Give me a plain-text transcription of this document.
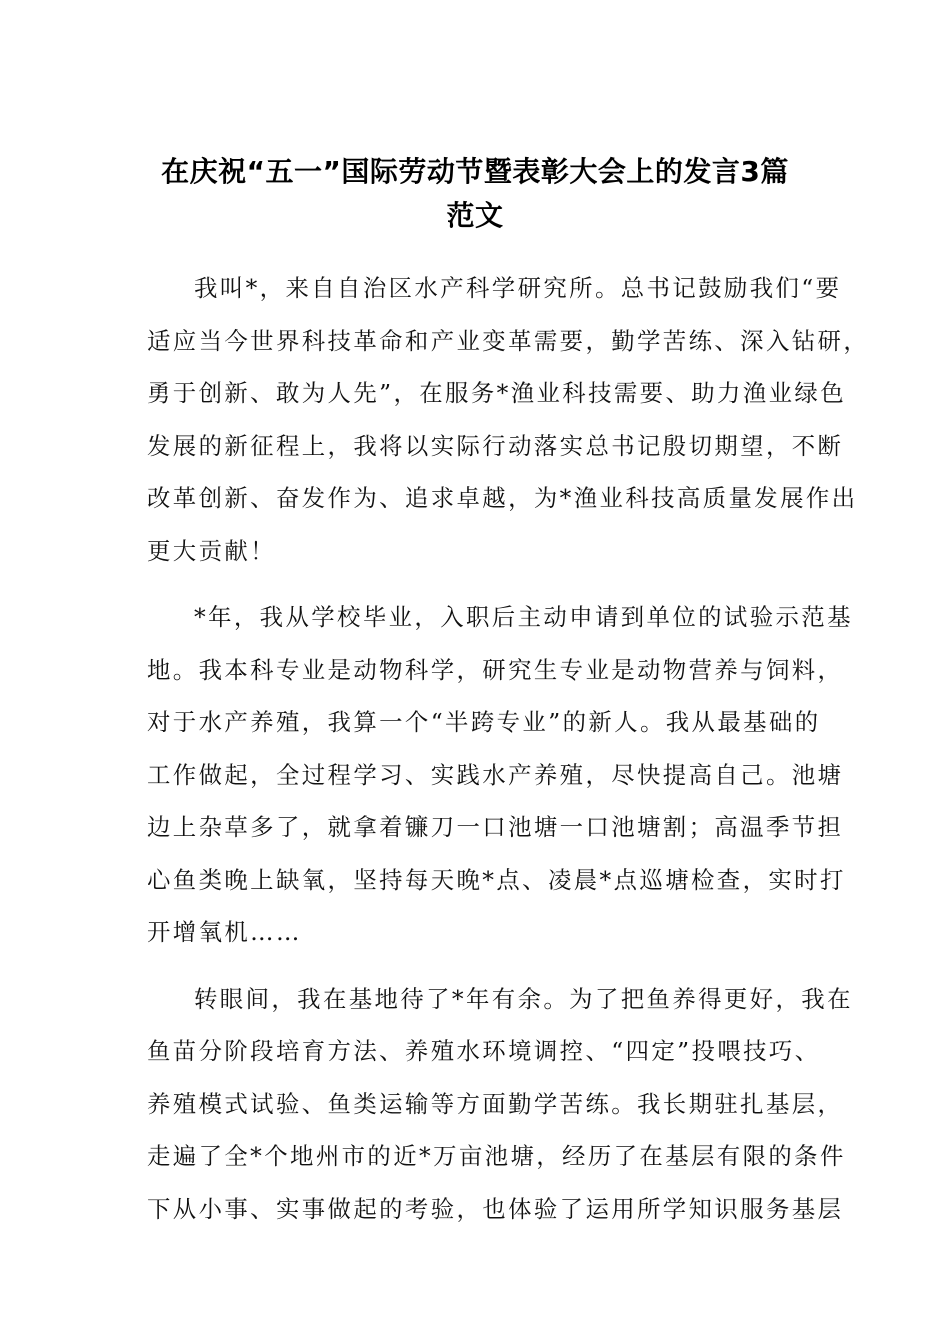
在庆祝“五一”国际劳动节暨表彰大会上的发言3篇
范文
我叫*，来自自治区水产科学研究所。总书记鼓励我们“要
适应当今世界科技革命和产业变革需要，勤学苦练、深入钻研，
勇于创新、敢为人先”，在服务*渔业科技需要、助力渔业绿色
发展的新征程上，我将以实际行动落实总书记殷切期望，不断
改革创新、奋发作为、追求卓越，为*渔业科技高质量发展作出
更大贡献！
*年，我从学校毕业，入职后主动申请到单位的试验示范基
地。我本科专业是动物科学，研究生专业是动物营养与饲料，
对于水产养殖，我算一个“半跨专业”的新人。我从最基础的
工作做起，全过程学习、实践水产养殖，尽快提高自己。池塘
边上杂草多了，就拿着镰刀一口池塘一口池塘割；高温季节担
心鱼类晚上缺氧，坚持每天晚*点、凌晨*点巡塘检查，实时打
开增氧机……
转眼间，我在基地待了*年有余。为了把鱼养得更好，我在
鱼苗分阶段培育方法、养殖水环境调控、“四定”投喂技巧、
养殖模式试验、鱼类运输等方面勤学苦练。我长期驻扎基层，
走遍了全*个地州市的近*万亩池塘，经历了在基层有限的条件
下从小事、实事做起的考验，也体验了运用所学知识服务基层
